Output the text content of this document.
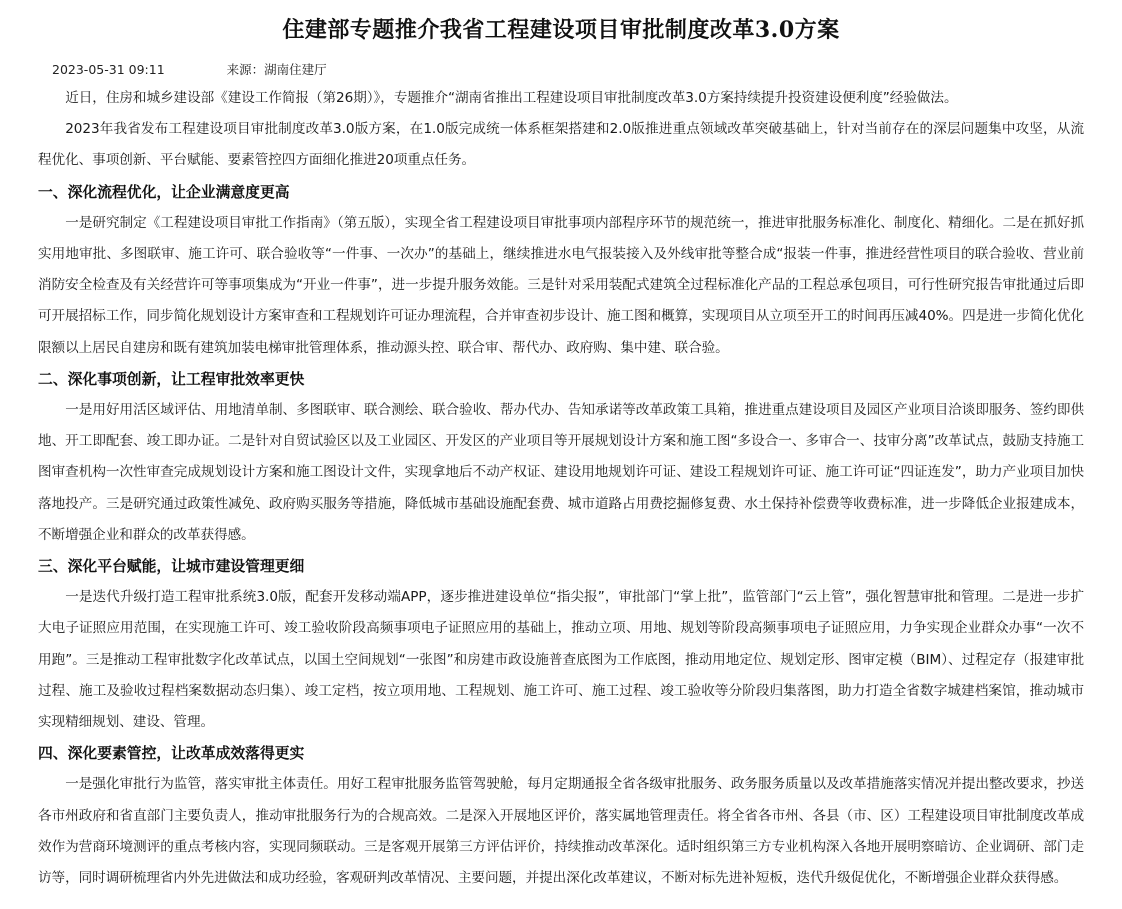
住建部专题推介我省工程建设项目审批制度改革3.0方案
2023-05-31 09:11	来源：湖南住建厅

近日，住房和城乡建设部《建设工作简报（第26期）》，专题推介“湖南省推出工程建设项目审批制度改革3.0方案持续提升投资建设便利度”经验做法。

2023年我省发布工程建设项目审批制度改革3.0版方案，在1.0版完成统一体系框架搭建和2.0版推进重点领域改革突破基础上，针对当前存在的深层问题集中攻坚，从流程优化、事项创新、平台赋能、要素管控四方面细化推进20项重点任务。

一、深化流程优化，让企业满意度更高

一是研究制定《工程建设项目审批工作指南》（第五版），实现全省工程建设项目审批事项内部程序环节的规范统一，推进审批服务标准化、制度化、精细化。二是在抓好抓实用地审批、多图联审、施工许可、联合验收等“一件事、一次办”的基础上，继续推进水电气报装接入及外线审批等整合成“报装一件事，推进经营性项目的联合验收、营业前消防安全检查及有关经营许可等事项集成为“开业一件事”，进一步提升服务效能。三是针对采用装配式建筑全过程标准化产品的工程总承包项目，可行性研究报告审批通过后即可开展招标工作，同步简化规划设计方案审查和工程规划许可证办理流程，合并审查初步设计、施工图和概算，实现项目从立项至开工的时间再压减40%。四是进一步简化优化限额以上居民自建房和既有建筑加装电梯审批管理体系，推动源头控、联合审、帮代办、政府购、集中建、联合验。

二、深化事项创新，让工程审批效率更快

一是用好用活区域评估、用地清单制、多图联审、联合测绘、联合验收、帮办代办、告知承诺等改革政策工具箱，推进重点建设项目及园区产业项目洽谈即服务、签约即供地、开工即配套、竣工即办证。二是针对自贸试验区以及工业园区、开发区的产业项目等开展规划设计方案和施工图“多设合一、多审合一、技审分离”改革试点，鼓励支持施工图审查机构一次性审查完成规划设计方案和施工图设计文件，实现拿地后不动产权证、建设用地规划许可证、建设工程规划许可证、施工许可证“四证连发”，助力产业项目加快落地投产。三是研究通过政策性减免、政府购买服务等措施，降低城市基础设施配套费、城市道路占用费挖掘修复费、水土保持补偿费等收费标准，进一步降低企业报建成本，不断增强企业和群众的改革获得感。

三、深化平台赋能，让城市建设管理更细

一是迭代升级打造工程审批系统3.0版，配套开发移动端APP，逐步推进建设单位“指尖报”，审批部门“掌上批”，监管部门“云上管”，强化智慧审批和管理。二是进一步扩大电子证照应用范围，在实现施工许可、竣工验收阶段高频事项电子证照应用的基础上，推动立项、用地、规划等阶段高频事项电子证照应用，力争实现企业群众办事“一次不用跑”。三是推动工程审批数字化改革试点，以国土空间规划“一张图”和房建市政设施普查底图为工作底图，推动用地定位、规划定形、图审定模（BIM）、过程定存（报建审批过程、施工及验收过程档案数据动态归集）、竣工定档，按立项用地、工程规划、施工许可、施工过程、竣工验收等分阶段归集落图，助力打造全省数字城建档案馆，推动城市实现精细规划、建设、管理。

四、深化要素管控，让改革成效落得更实

一是强化审批行为监管，落实审批主体责任。用好工程审批服务监管驾驶舱，每月定期通报全省各级审批服务、政务服务质量以及改革措施落实情况并提出整改要求，抄送各市州政府和省直部门主要负责人，推动审批服务行为的合规高效。二是深入开展地区评价，落实属地管理责任。将全省各市州、各县（市、区）工程建设项目审批制度改革成效作为营商环境测评的重点考核内容，实现同频联动。三是客观开展第三方评估评价，持续推动改革深化。适时组织第三方专业机构深入各地开展明察暗访、企业调研、部门走访等，同时调研梳理省内外先进做法和成功经验，客观研判改革情况、主要问题，并提出深化改革建议，不断对标先进补短板，迭代升级促优化，不断增强企业群众获得感。
